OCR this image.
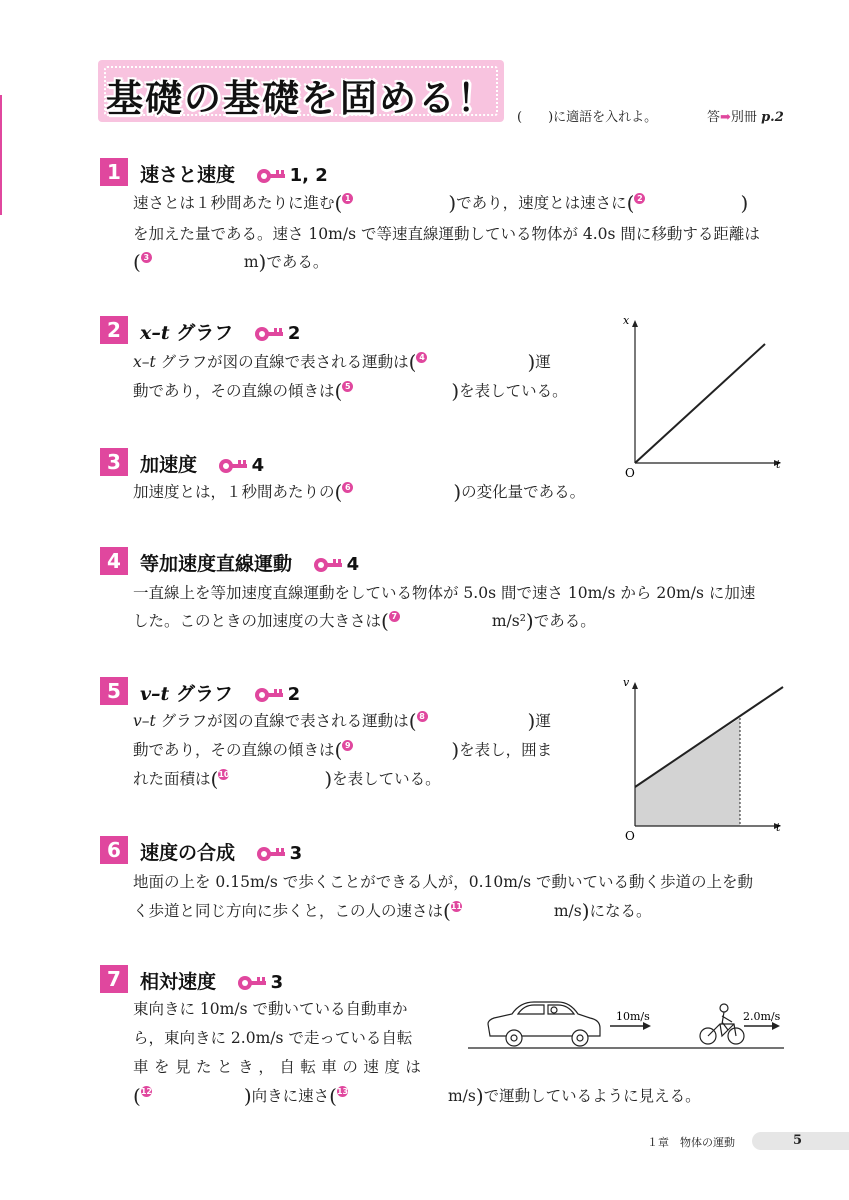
基礎の基礎を固める！	(　　)に適語を入れよ。	答➡別冊 p.2
1	速さと速度	1, 2
速さとは１秒間あたりに進む( 1	)であり，速度とは速さに( 2	)
を加えた量である。速さ 10m/s で等速直線運動している物体が 4.0s 間に移動する距離は
( 3	m)である。
2	x–t グラフ	2
x–t グラフが図の直線で表される運動は( 4	)運
動であり，その直線の傾きは( 5	)を表している。
x
t
O
3	加速度	4
加速度とは，１秒間あたりの( 6	)の変化量である。
4	等加速度直線運動	4
一直線上を等加速度直線運動をしている物体が 5.0s 間で速さ 10m/s から 20m/s に加速
した。このときの加速度の大きさは( 7	m/s²)である。
5	v–t グラフ	2
v–t グラフが図の直線で表される運動は( 8	)運
動であり，その直線の傾きは( 9	)を表し，囲ま
れた面積は(10	)を表している。
v
t
O
6	速度の合成	3
地面の上を 0.15m/s で歩くことができる人が，0.10m/s で動いている動く歩道の上を動
く歩道と同じ方向に歩くと，この人の速さは(11	m/s)になる。
7	相対速度	3
東向きに 10m/s で動いている自動車か
ら，東向きに 2.0m/s で走っている自転
車を見たとき，自転車の速度は
(12	)向きに速さ(13	m/s)で運動しているように見える。
10m/s	2.0m/s
１章　物体の運動	5
